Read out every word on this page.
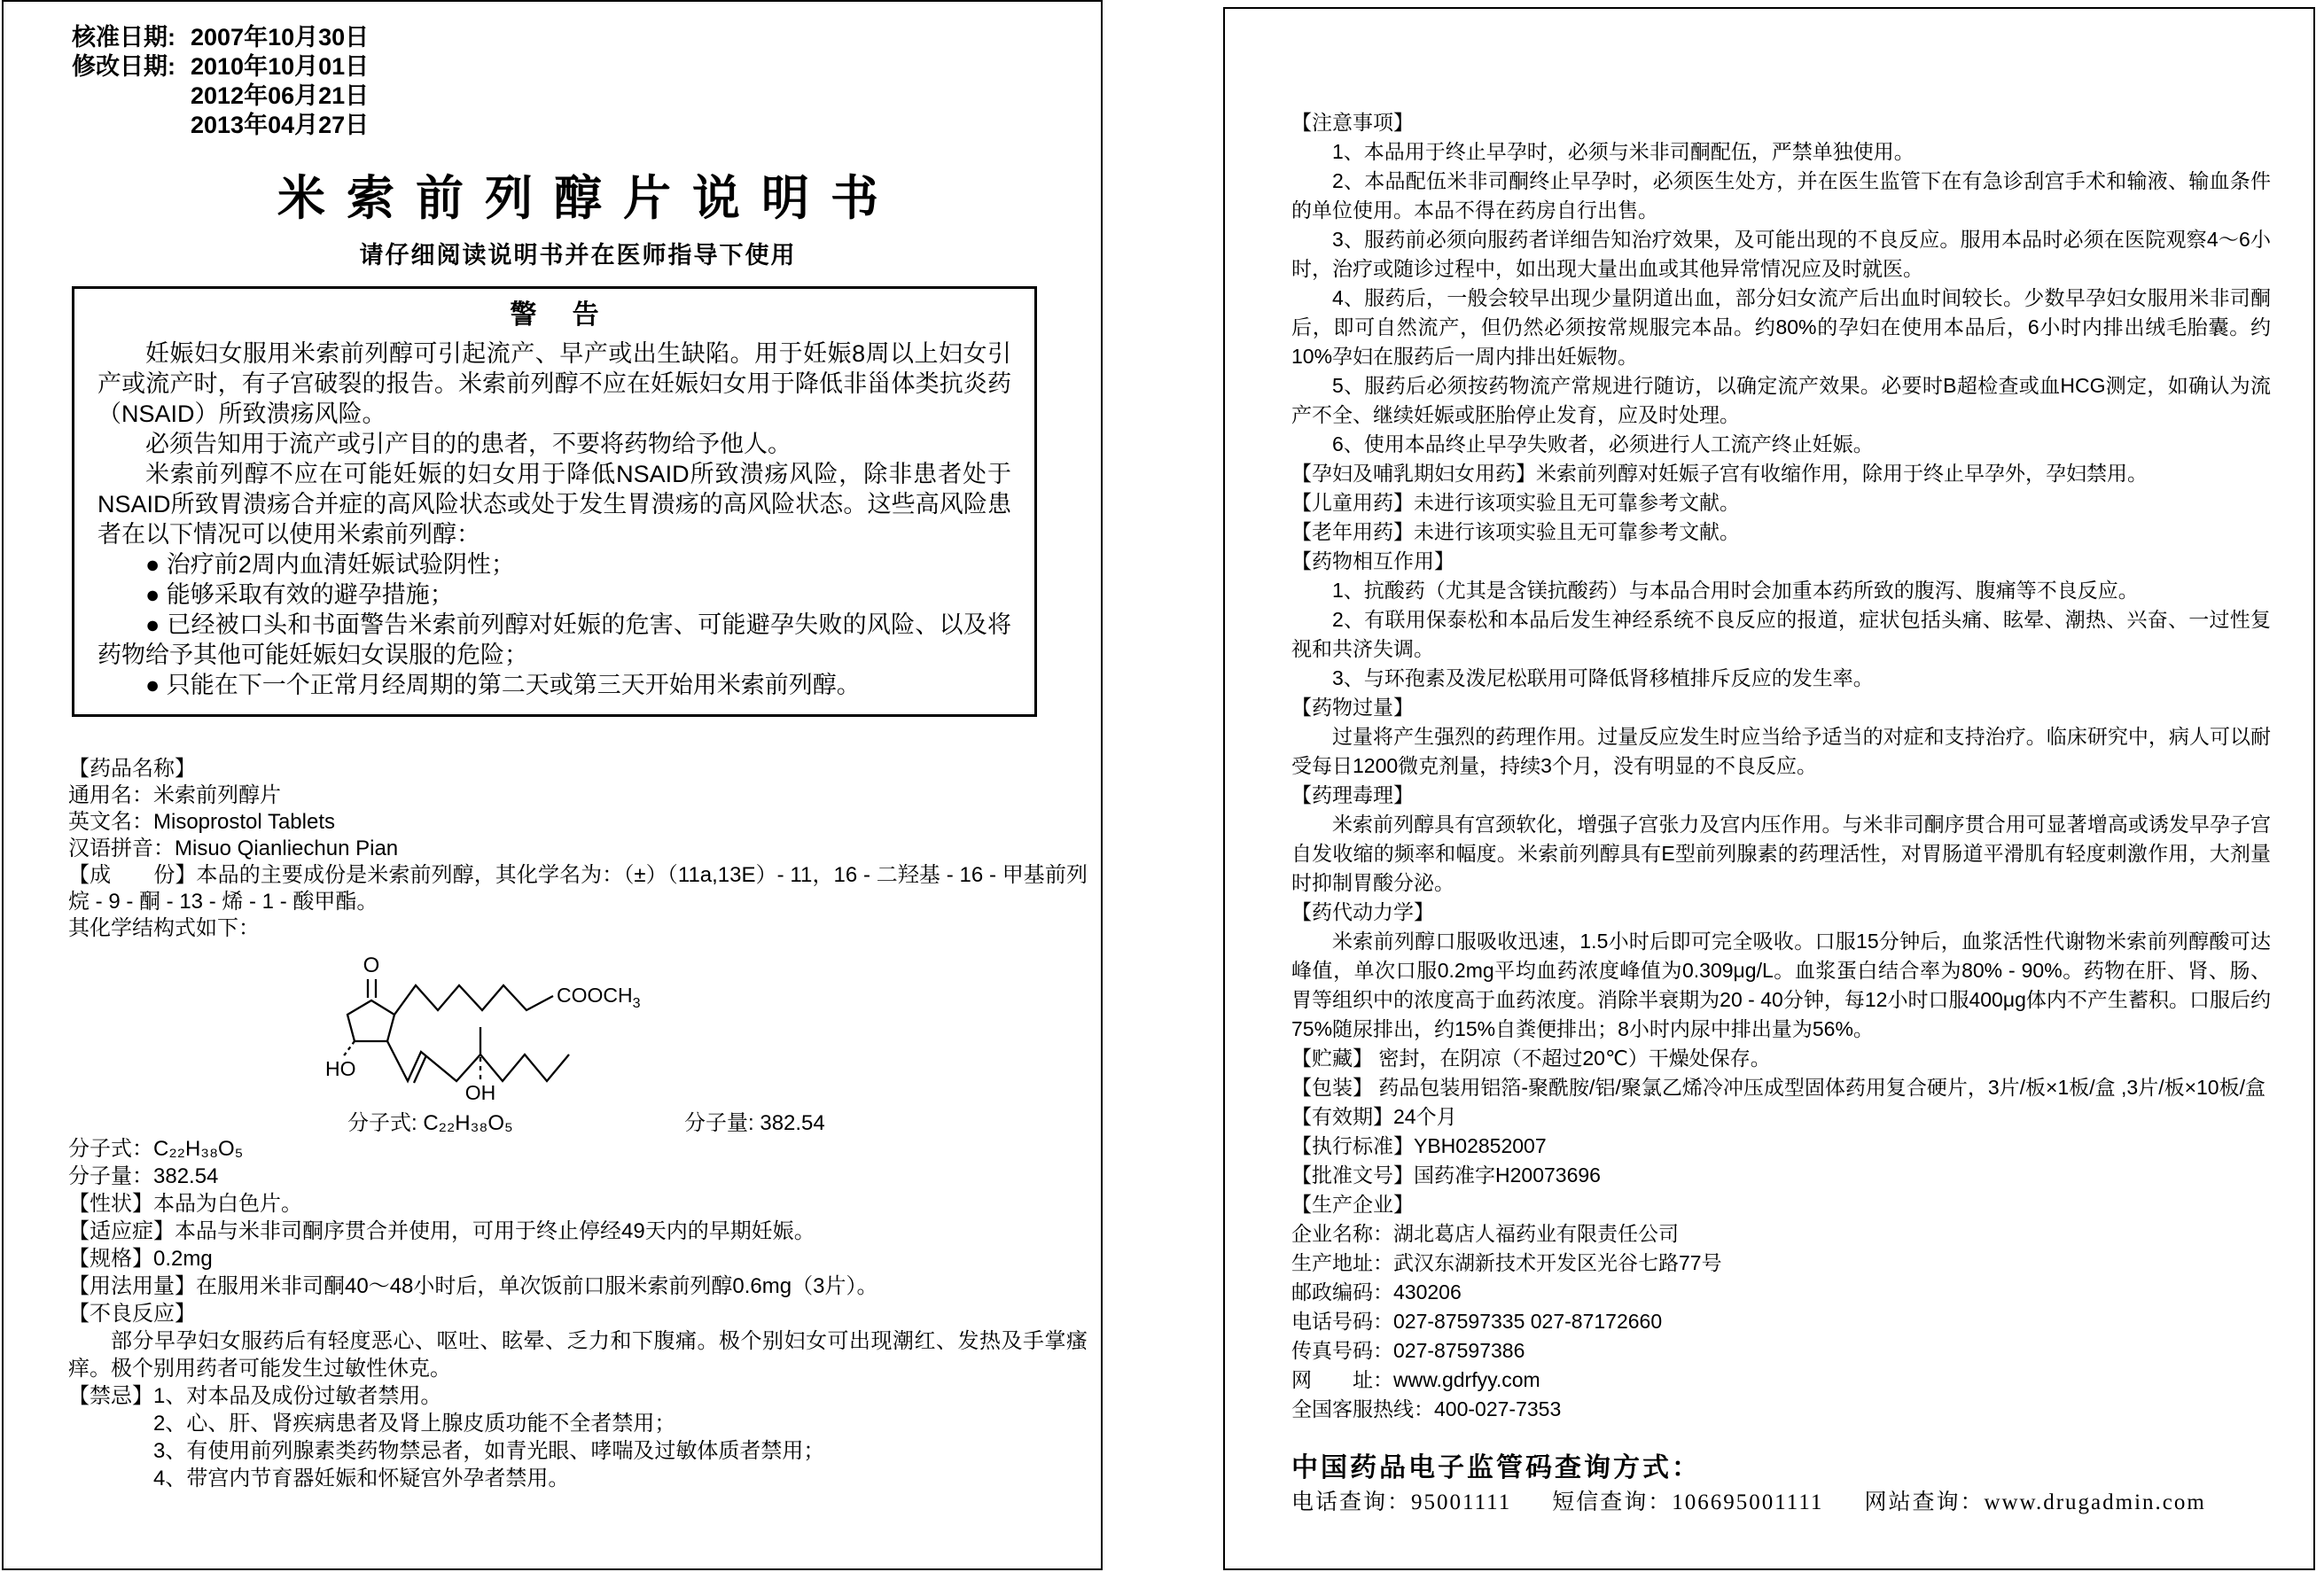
核准日期: 2007年10月30日
修改日期: 2010年10月01日
2012年06月21日
2013年04月27日
米索前列醇片说明书
请仔细阅读说明书并在医师指导下使用
警 告

妊娠妇女服用米索前列醇可引起流产、早产或出生缺陷。用于妊娠8周以上妇女引产或流产时，有子宫破裂的报告。米索前列醇不应在妊娠妇女用于降低非甾体类抗炎药（NSAID）所致溃疡风险。

必须告知用于流产或引产目的的患者，不要将药物给予他人。

米索前列醇不应在可能妊娠的妇女用于降低NSAID所致溃疡风险，除非患者处于NSAID所致胃溃疡合并症的高风险状态或处于发生胃溃疡的高风险状态。这些高风险患者在以下情况可以使用米索前列醇：

● 治疗前2周内血清妊娠试验阴性；

● 能够采取有效的避孕措施；

● 已经被口头和书面警告米索前列醇对妊娠的危害、可能避孕失败的风险、以及将药物给予其他可能妊娠妇女误服的危险；

● 只能在下一个正常月经周期的第二天或第三天开始用米索前列醇。

【药品名称】

通用名：米索前列醇片

英文名：Misoprostol Tablets

汉语拼音：Misuo Qianliechun Pian

【成　　份】本品的主要成份是米索前列醇，其化学名为：（±）（11a,13E）- 11，16 - 二羟基 - 16 - 甲基前列烷 - 9 - 酮 - 13 - 烯 - 1 - 酸甲酯。

其化学结构式如下：

O
HO
OH
$COOCH_3$
分子式: C₂₂H₃₈O₅	分子量: 382.54

分子式：C₂₂H₃₈O₅

分子量：382.54

【性状】本品为白色片。

【适应症】本品与米非司酮序贯合并使用，可用于终止停经49天内的早期妊娠。

【规格】0.2mg

【用法用量】在服用米非司酮40～48小时后，单次饭前口服米索前列醇0.6mg（3片）。

【不良反应】

部分早孕妇女服药后有轻度恶心、呕吐、眩晕、乏力和下腹痛。极个别妇女可出现潮红、发热及手掌瘙痒。极个别用药者可能发生过敏性休克。

【禁忌】1、对本品及成份过敏者禁用。

2、心、肝、肾疾病患者及肾上腺皮质功能不全者禁用；

3、有使用前列腺素类药物禁忌者，如青光眼、哮喘及过敏体质者禁用；

4、带宫内节育器妊娠和怀疑宫外孕者禁用。

【注意事项】

1、本品用于终止早孕时，必须与米非司酮配伍，严禁单独使用。

2、本品配伍米非司酮终止早孕时，必须医生处方，并在医生监管下在有急诊刮宫手术和输液、输血条件的单位使用。本品不得在药房自行出售。

3、服药前必须向服药者详细告知治疗效果，及可能出现的不良反应。服用本品时必须在医院观察4～6小时，治疗或随诊过程中，如出现大量出血或其他异常情况应及时就医。

4、服药后，一般会较早出现少量阴道出血，部分妇女流产后出血时间较长。少数早孕妇女服用米非司酮后，即可自然流产，但仍然必须按常规服完本品。约80%的孕妇在使用本品后，6小时内排出绒毛胎囊。约10%孕妇在服药后一周内排出妊娠物。

5、服药后必须按药物流产常规进行随访，以确定流产效果。必要时B超检查或血HCG测定，如确认为流产不全、继续妊娠或胚胎停止发育，应及时处理。

6、使用本品终止早孕失败者，必须进行人工流产终止妊娠。

【孕妇及哺乳期妇女用药】米索前列醇对妊娠子宫有收缩作用，除用于终止早孕外，孕妇禁用。

【儿童用药】未进行该项实验且无可靠参考文献。

【老年用药】未进行该项实验且无可靠参考文献。

【药物相互作用】

1、抗酸药（尤其是含镁抗酸药）与本品合用时会加重本药所致的腹泻、腹痛等不良反应。

2、有联用保泰松和本品后发生神经系统不良反应的报道，症状包括头痛、眩晕、潮热、兴奋、一过性复视和共济失调。

3、与环孢素及泼尼松联用可降低肾移植排斥反应的发生率。

【药物过量】

过量将产生强烈的药理作用。过量反应发生时应当给予适当的对症和支持治疗。临床研究中，病人可以耐受每日1200微克剂量，持续3个月，没有明显的不良反应。

【药理毒理】

米索前列醇具有宫颈软化，增强子宫张力及宫内压作用。与米非司酮序贯合用可显著增高或诱发早孕子宫自发收缩的频率和幅度。米索前列醇具有E型前列腺素的药理活性，对胃肠道平滑肌有轻度刺激作用，大剂量时抑制胃酸分泌。

【药代动力学】

米索前列醇口服吸收迅速，1.5小时后即可完全吸收。口服15分钟后，血浆活性代谢物米索前列醇酸可达峰值，单次口服0.2mg平均血药浓度峰值为0.309μg/L。血浆蛋白结合率为80% - 90%。药物在肝、肾、肠、胃等组织中的浓度高于血药浓度。消除半衰期为20 - 40分钟，每12小时口服400μg体内不产生蓄积。口服后约75%随尿排出，约15%自粪便排出；8小时内尿中排出量为56%。

【贮藏】 密封，在阴凉（不超过20℃）干燥处保存。

【包装】 药品包装用铝箔-聚酰胺/铝/聚氯乙烯冷冲压成型固体药用复合硬片，3片/板×1板/盒 ,3片/板×10板/盒

【有效期】24个月

【执行标准】YBH02852007

【批准文号】国药准字H20073696

【生产企业】

企业名称：湖北葛店人福药业有限责任公司

生产地址：武汉东湖新技术开发区光谷七路77号

邮政编码：430206

电话号码：027-87597335 027-87172660

传真号码：027-87597386

网　　址：www.gdrfyy.com

全国客服热线：400-027-7353

中国药品电子监管码查询方式：

电话查询：95001111 短信查询：106695001111 网站查询：www.drugadmin.com
